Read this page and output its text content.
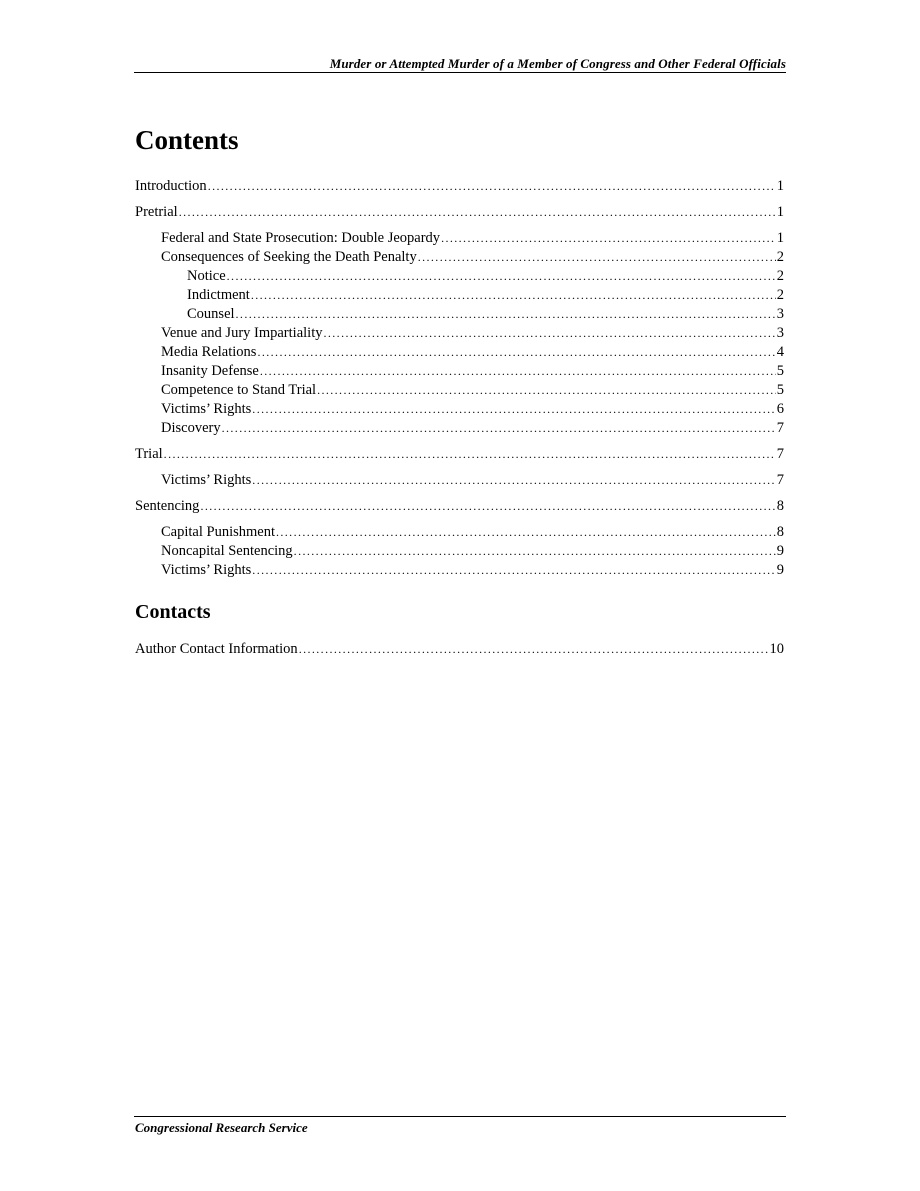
Murder or Attempted Murder of a Member of Congress and Other Federal Officials
Contents
Introduction .....	1
Pretrial .....	1
Federal and State Prosecution: Double Jeopardy .....	1
Consequences of Seeking the Death Penalty .....	2
Notice .....	2
Indictment .....	2
Counsel .....	3
Venue and Jury Impartiality .....	3
Media Relations .....	4
Insanity Defense .....	5
Competence to Stand Trial .....	5
Victims’ Rights .....	6
Discovery .....	7
Trial .....	7
Victims’ Rights .....	7
Sentencing .....	8
Capital Punishment .....	8
Noncapital Sentencing .....	9
Victims’ Rights .....	9
Contacts
Author Contact Information .....	10
Congressional Research Service
